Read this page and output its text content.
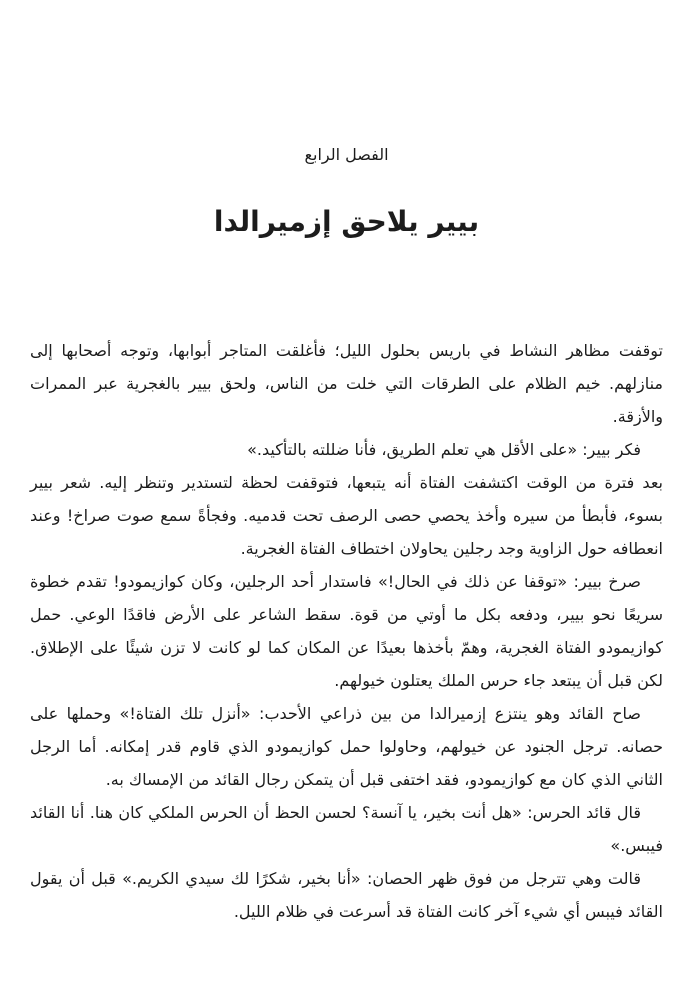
الفصل الرابع
بيير يلاحق إزميرالدا

توقفت مظاهر النشاط في باريس بحلول الليل؛ فأغلقت المتاجر أبوابها، وتوجه أصحابها إلى منازلهم. خيم الظلام على الطرقات التي خلت من الناس، ولحق بيير بالغجرية عبر الممرات والأزقة.

فكر بيير: «على الأقل هي تعلم الطريق، فأنا ضللته بالتأكيد.»

بعد فترة من الوقت اكتشفت الفتاة أنه يتبعها، فتوقفت لحظة لتستدير وتنظر إليه. شعر بيير بسوء، فأبطأ من سيره وأخذ يحصي حصى الرصف تحت قدميه. وفجأةً سمع صوت صراخ! وعند انعطافه حول الزاوية وجد رجلين يحاولان اختطاف الفتاة الغجرية.

صرخ بيير: «توقفا عن ذلك في الحال!» فاستدار أحد الرجلين، وكان كوازيمودو! تقدم خطوة سريعًا نحو بيير، ودفعه بكل ما أوتي من قوة. سقط الشاعر على الأرض فاقدًا الوعي. حمل كوازيمودو الفتاة الغجرية، وهمّ بأخذها بعيدًا عن المكان كما لو كانت لا تزن شيئًا على الإطلاق. لكن قبل أن يبتعد جاء حرس الملك يعتلون خيولهم.

صاح القائد وهو ينتزع إزميرالدا من بين ذراعي الأحدب: «أنزل تلك الفتاة!» وحملها على حصانه. ترجل الجنود عن خيولهم، وحاولوا حمل كوازيمودو الذي قاوم قدر إمكانه. أما الرجل الثاني الذي كان مع كوازيمودو، فقد اختفى قبل أن يتمكن رجال القائد من الإمساك به.

قال قائد الحرس: «هل أنت بخير، يا آنسة؟ لحسن الحظ أن الحرس الملكي كان هنا. أنا القائد فيبس.»

قالت وهي تترجل من فوق ظهر الحصان: «أنا بخير، شكرًا لك سيدي الكريم.» قبل أن يقول القائد فيبس أي شيء آخر كانت الفتاة قد أسرعت في ظلام الليل.
